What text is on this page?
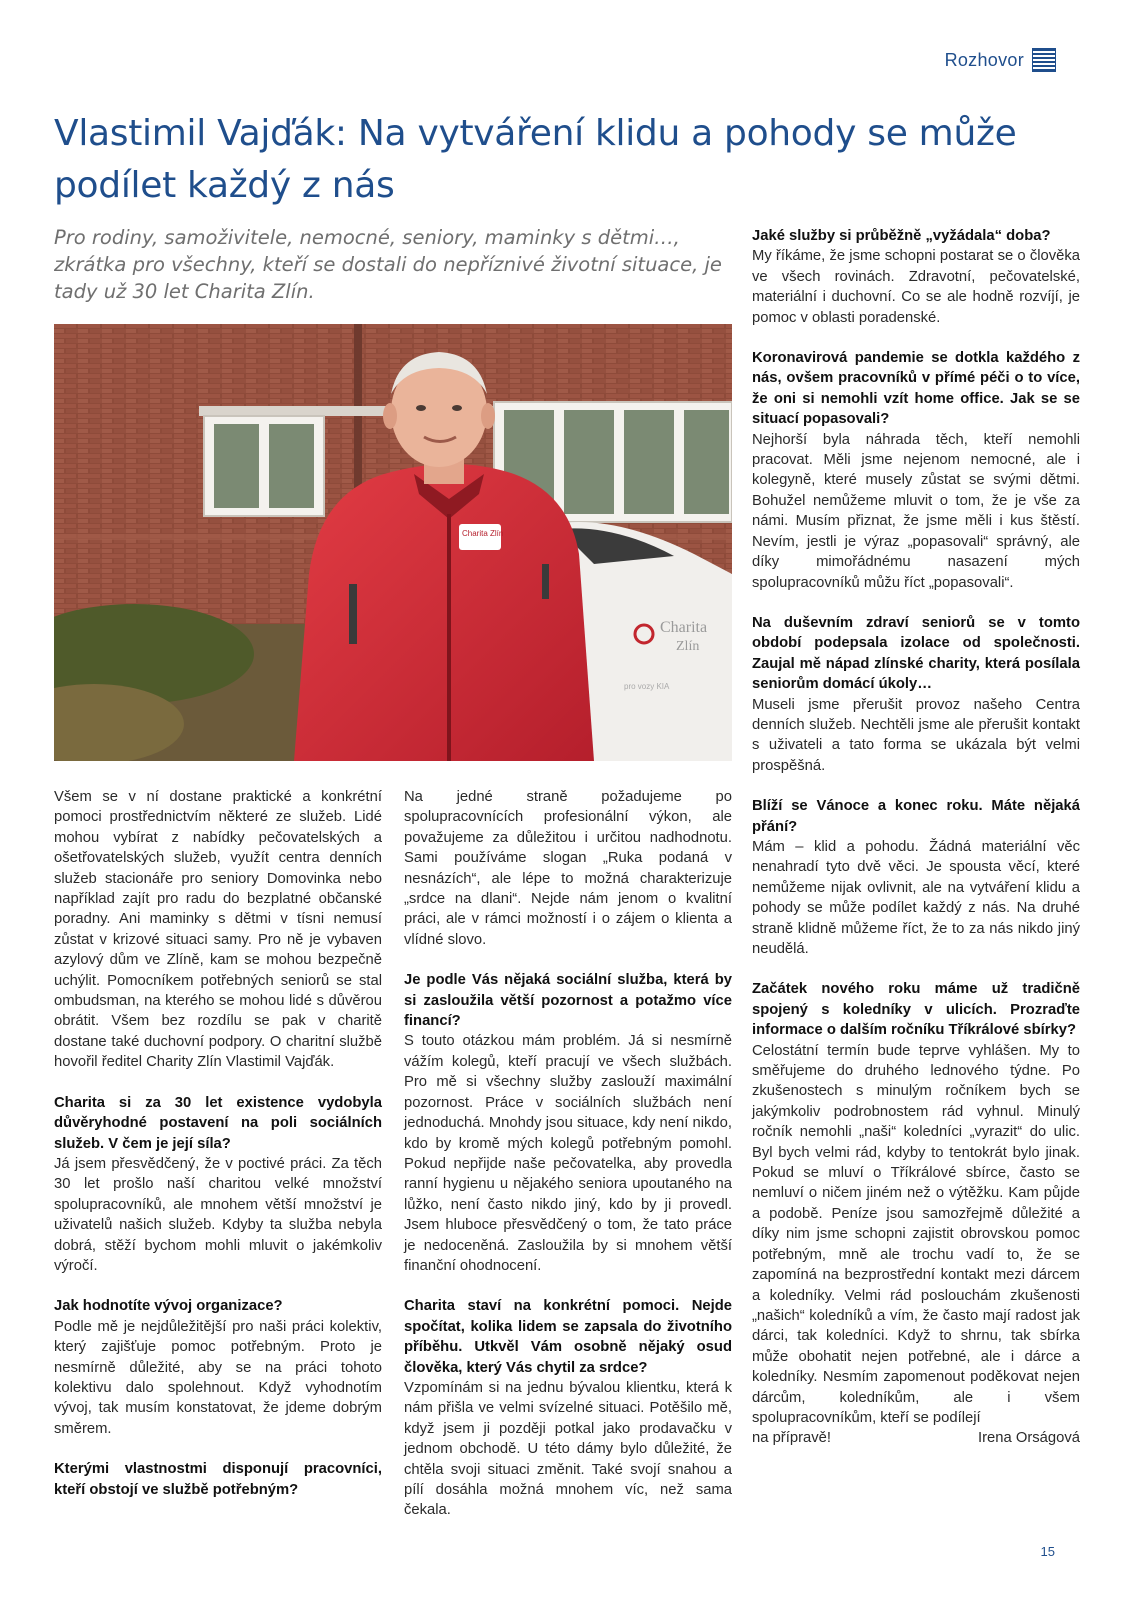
Rozhovor
Vlastimil Vajďák: Na vytváření klidu a pohody se může podílet každý z nás

Pro rodiny, samoživitele, nemocné, seniory, maminky s dětmi…, zkrátka pro všechny, kteří se dostali do nepříznivé životní situace, je tady už 30 let Charita Zlín.

Charita
Zlín
pro vozy KIA
Charita Zlín

Všem se v ní dostane praktické a konkrétní pomoci prostřednictvím některé ze služeb. Lidé mohou vybírat z nabídky pečovatelských a ošetřovatelských služeb, využít centra denních služeb stacionáře pro seniory Domovinka nebo například zajít pro radu do bezplatné občanské poradny. Ani maminky s dětmi v tísni nemusí zůstat v krizové situaci samy. Pro ně je vybaven azylový dům ve Zlíně, kam se mohou bezpečně uchýlit. Pomocníkem potřebných seniorů se stal ombudsman, na kterého se mohou lidé s důvěrou obrátit. Všem bez rozdílu se pak v charitě dostane také duchovní podpory. O charitní službě hovořil ředitel Charity Zlín Vlastimil Vajďák.

Charita si za 30 let existence vydobyla důvěryhodné postavení na poli sociálních služeb. V čem je její síla?

Já jsem přesvědčený, že v poctivé práci. Za těch 30 let prošlo naší charitou velké množství spolupracovníků, ale mnohem větší množství je uživatelů našich služeb. Kdyby ta služba nebyla dobrá, stěží bychom mohli mluvit o jakémkoliv výročí.

Jak hodnotíte vývoj organizace?

Podle mě je nejdůležitější pro naši práci kolektiv, který zajišťuje pomoc potřebným. Proto je nesmírně důležité, aby se na práci tohoto kolektivu dalo spolehnout. Když vyhodnotím vývoj, tak musím konstatovat, že jdeme dobrým směrem.

Kterými vlastnostmi disponují pracovníci, kteří obstojí ve službě potřebným?

Na jedné straně požadujeme po spolupracovnících profesionální výkon, ale považujeme za důležitou i určitou nadhodnotu. Sami používáme slogan „Ruka podaná v nesnázích“, ale lépe to možná charakterizuje „srdce na dlani“. Nejde nám jenom o kvalitní práci, ale v rámci možností i o zájem o klienta a vlídné slovo.

Je podle Vás nějaká sociální služba, která by si zasloužila větší pozornost a potažmo více financí?

S touto otázkou mám problém. Já si nesmírně vážím kolegů, kteří pracují ve všech službách. Pro mě si všechny služby zaslouží maximální pozornost. Práce v sociálních službách není jednoduchá. Mnohdy jsou situace, kdy není nikdo, kdo by kromě mých kolegů potřebným pomohl. Pokud nepřijde naše pečovatelka, aby provedla ranní hygienu u nějakého seniora upoutaného na lůžko, není často nikdo jiný, kdo by ji provedl. Jsem hluboce přesvědčený o tom, že tato práce je nedoceněná. Zasloužila by si mnohem větší finanční ohodnocení.

Charita staví na konkrétní pomoci. Nejde spočítat, kolika lidem se zapsala do životního příběhu. Utkvěl Vám osobně nějaký osud člověka, který Vás chytil za srdce?

Vzpomínám si na jednu bývalou klientku, která k nám přišla ve velmi svízelné situaci. Potěšilo mě, když jsem ji později potkal jako prodavačku v jednom obchodě. U této dámy bylo důležité, že chtěla svoji situaci změnit. Také svojí snahou a pílí dosáhla možná mnohem víc, než sama čekala.

Jaké služby si průběžně „vyžádala“ doba?

My říkáme, že jsme schopni postarat se o člověka ve všech rovinách. Zdravotní, pečovatelské, materiální i duchovní. Co se ale hodně rozvíjí, je pomoc v oblasti poradenské.

Koronavirová pandemie se dotkla každého z nás, ovšem pracovníků v přímé péči o to více, že oni si nemohli vzít home office. Jak se se situací popasovali?

Nejhorší byla náhrada těch, kteří nemohli pracovat. Měli jsme nejenom nemocné, ale i kolegyně, které musely zůstat se svými dětmi. Bohužel nemůžeme mluvit o tom, že je vše za námi. Musím přiznat, že jsme měli i kus štěstí. Nevím, jestli je výraz „popasovali“ správný, ale díky mimořádnému nasazení mých spolupracovníků můžu říct „popasovali“.

Na duševním zdraví seniorů se v tomto období podepsala izolace od společnosti. Zaujal mě nápad zlínské charity, která posílala seniorům domácí úkoly…

Museli jsme přerušit provoz našeho Centra denních služeb. Nechtěli jsme ale přerušit kontakt s uživateli a tato forma se ukázala být velmi prospěšná.

Blíží se Vánoce a konec roku. Máte nějaká přání?

Mám – klid a pohodu. Žádná materiální věc nenahradí tyto dvě věci. Je spousta věcí, které nemůžeme nijak ovlivnit, ale na vytváření klidu a pohody se může podílet každý z nás. Na druhé straně klidně můžeme říct, že to za nás nikdo jiný neudělá.

Začátek nového roku máme už tradičně spojený s koledníky v ulicích. Prozraďte informace o dalším ročníku Tříkrálové sbírky?

Celostátní termín bude teprve vyhlášen. My to směřujeme do druhého lednového týdne. Po zkušenostech s minulým ročníkem bych se jakýmkoliv podrobnostem rád vyhnul. Minulý ročník nemohli „naši“ koledníci „vyrazit“ do ulic. Byl bych velmi rád, kdyby to tentokrát bylo jinak. Pokud se mluví o Tříkrálové sbírce, často se nemluví o ničem jiném než o výtěžku. Kam půjde a podobě. Peníze jsou samozřejmě důležité a díky nim jsme schopni zajistit obrovskou pomoc potřebným, mně ale trochu vadí to, že se zapomíná na bezprostřední kontakt mezi dárcem a koledníky. Velmi rád poslouchám zkušenosti „našich“ koledníků a vím, že často mají radost jak dárci, tak koledníci. Když to shrnu, tak sbírka může obohatit nejen potřebné, ale i dárce a koledníky. Nesmím zapomenout poděkovat nejen dárcům, koledníkům, ale i všem spolupracovníkům, kteří se podílejí

na přípravě!	Irena Orságová
15
